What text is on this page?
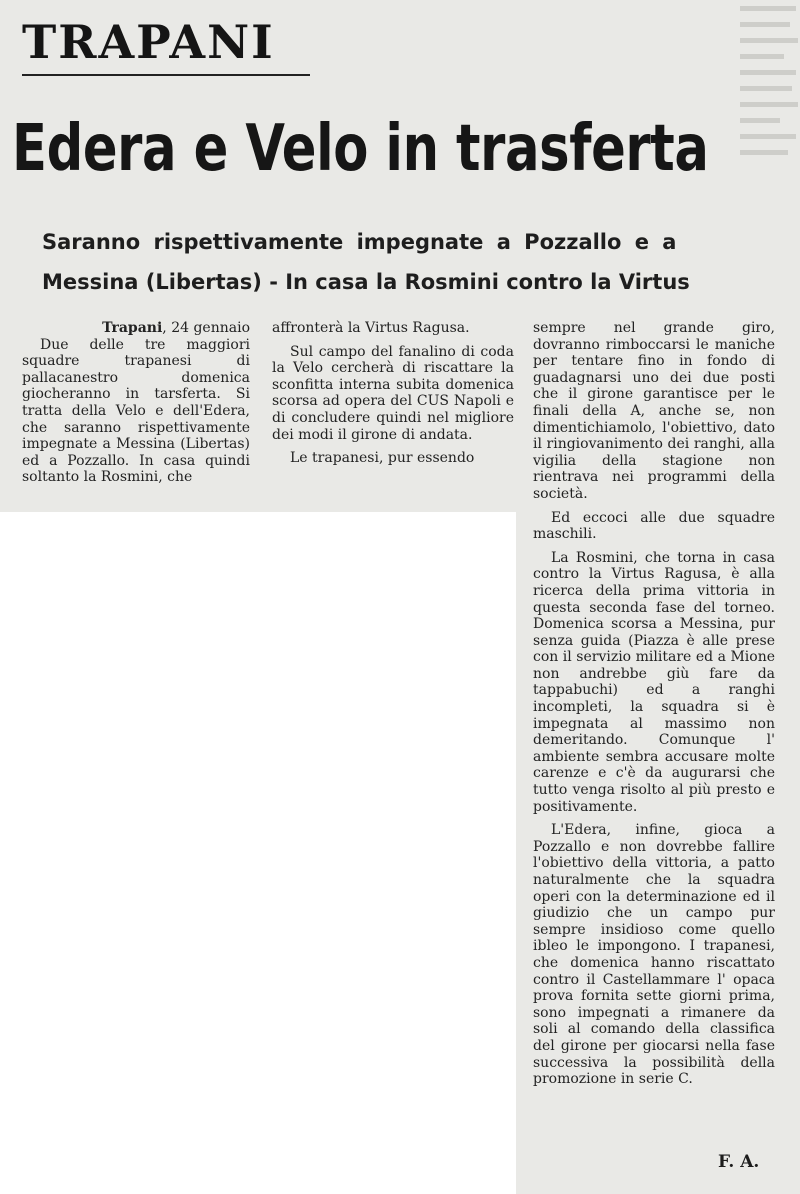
TRAPANI
Edera e Velo in trasferta
Saranno rispettivamente impegnate a Pozzallo e a
Messina (Libertas) - In casa la Rosmini contro la Virtus

Trapani, 24 gennaio

Due delle tre maggiori squadre trapanesi di pallacanestro domenica giocheranno in tarsferta. Si tratta della Velo e dell'Edera, che saranno rispettivamente impegnate a Messina (Libertas) ed a Pozzallo. In casa quindi soltanto la Rosmini, che

affronterà la Virtus Ragusa.

Sul campo del fanalino di coda la Velo cercherà di riscattare la sconfitta interna subita domenica scorsa ad opera del CUS Napoli e di concludere quindi nel migliore dei modi il girone di andata.

Le trapanesi, pur essendo

sempre nel grande giro, dovranno rimboccarsi le maniche per tentare fino in fondo di guadagnarsi uno dei due posti che il girone garantisce per le finali della A, anche se, non dimentichiamolo, l'obiettivo, dato il ringiovanimento dei ranghi, alla vigilia della stagione non rientrava nei programmi della società.

Ed eccoci alle due squadre maschili.

La Rosmini, che torna in casa contro la Virtus Ragusa, è alla ricerca della prima vittoria in questa seconda fase del torneo. Domenica scorsa a Messina, pur senza guida (Piazza è alle prese con il servizio militare ed a Mione non andrebbe giù fare da tappabuchi) ed a ranghi incompleti, la squadra si è impegnata al massimo non demeritando. Comunque l' ambiente sembra accusare molte carenze e c'è da augurarsi che tutto venga risolto al più presto e positivamente.

L'Edera, infine, gioca a Pozzallo e non dovrebbe fallire l'obiettivo della vittoria, a patto naturalmente che la squadra operi con la determinazione ed il giudizio che un campo pur sempre insidioso come quello ibleo le impongono. I trapanesi, che domenica hanno riscattato contro il Castellammare l' opaca prova fornita sette giorni prima, sono impegnati a rimanere da soli al comando della classifica del girone per giocarsi nella fase successiva la possibilità della promozione in serie C.

F. A.
